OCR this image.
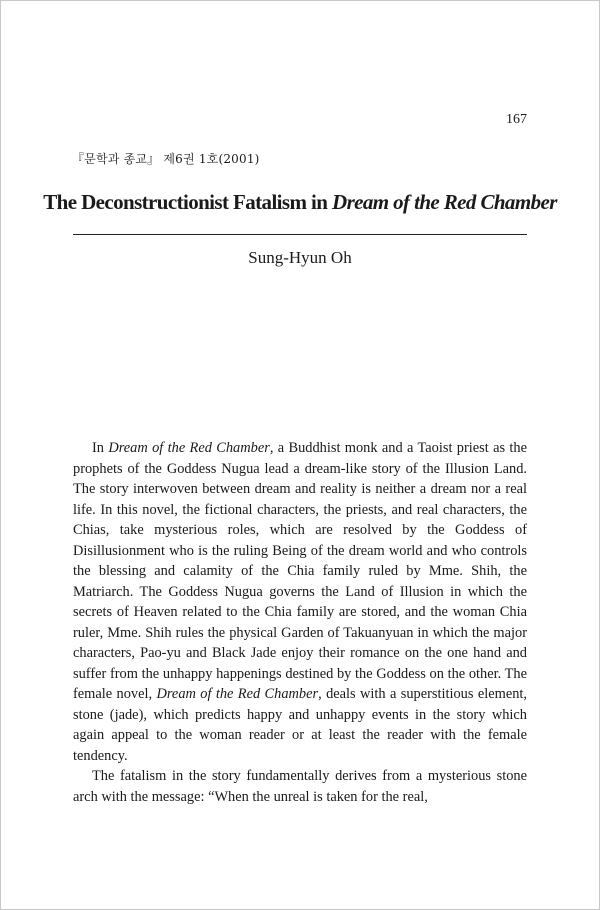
167
『문학과 종교』 제6권 1호(2001)
The Deconstructionist Fatalism in Dream of the Red Chamber
Sung-Hyun Oh

In Dream of the Red Chamber, a Buddhist monk and a Taoist priest as the prophets of the Goddess Nugua lead a dream-like story of the Illusion Land. The story interwoven between dream and reality is neither a dream nor a real life. In this novel, the fictional characters, the priests, and real characters, the Chias, take mysterious roles, which are resolved by the Goddess of Disillusionment who is the ruling Being of the dream world and who controls the blessing and calamity of the Chia family ruled by Mme. Shih, the Matriarch. The Goddess Nugua governs the Land of Illusion in which the secrets of Heaven related to the Chia family are stored, and the woman Chia ruler, Mme. Shih rules the physical Garden of Takuanyuan in which the major characters, Pao-yu and Black Jade enjoy their romance on the one hand and suffer from the unhappy happenings destined by the Goddess on the other. The female novel, Dream of the Red Chamber, deals with a superstitious element, stone (jade), which predicts happy and unhappy events in the story which again appeal to the woman reader or at least the reader with the female tendency.

The fatalism in the story fundamentally derives from a mysterious stone arch with the message: “When the unreal is taken for the real,
